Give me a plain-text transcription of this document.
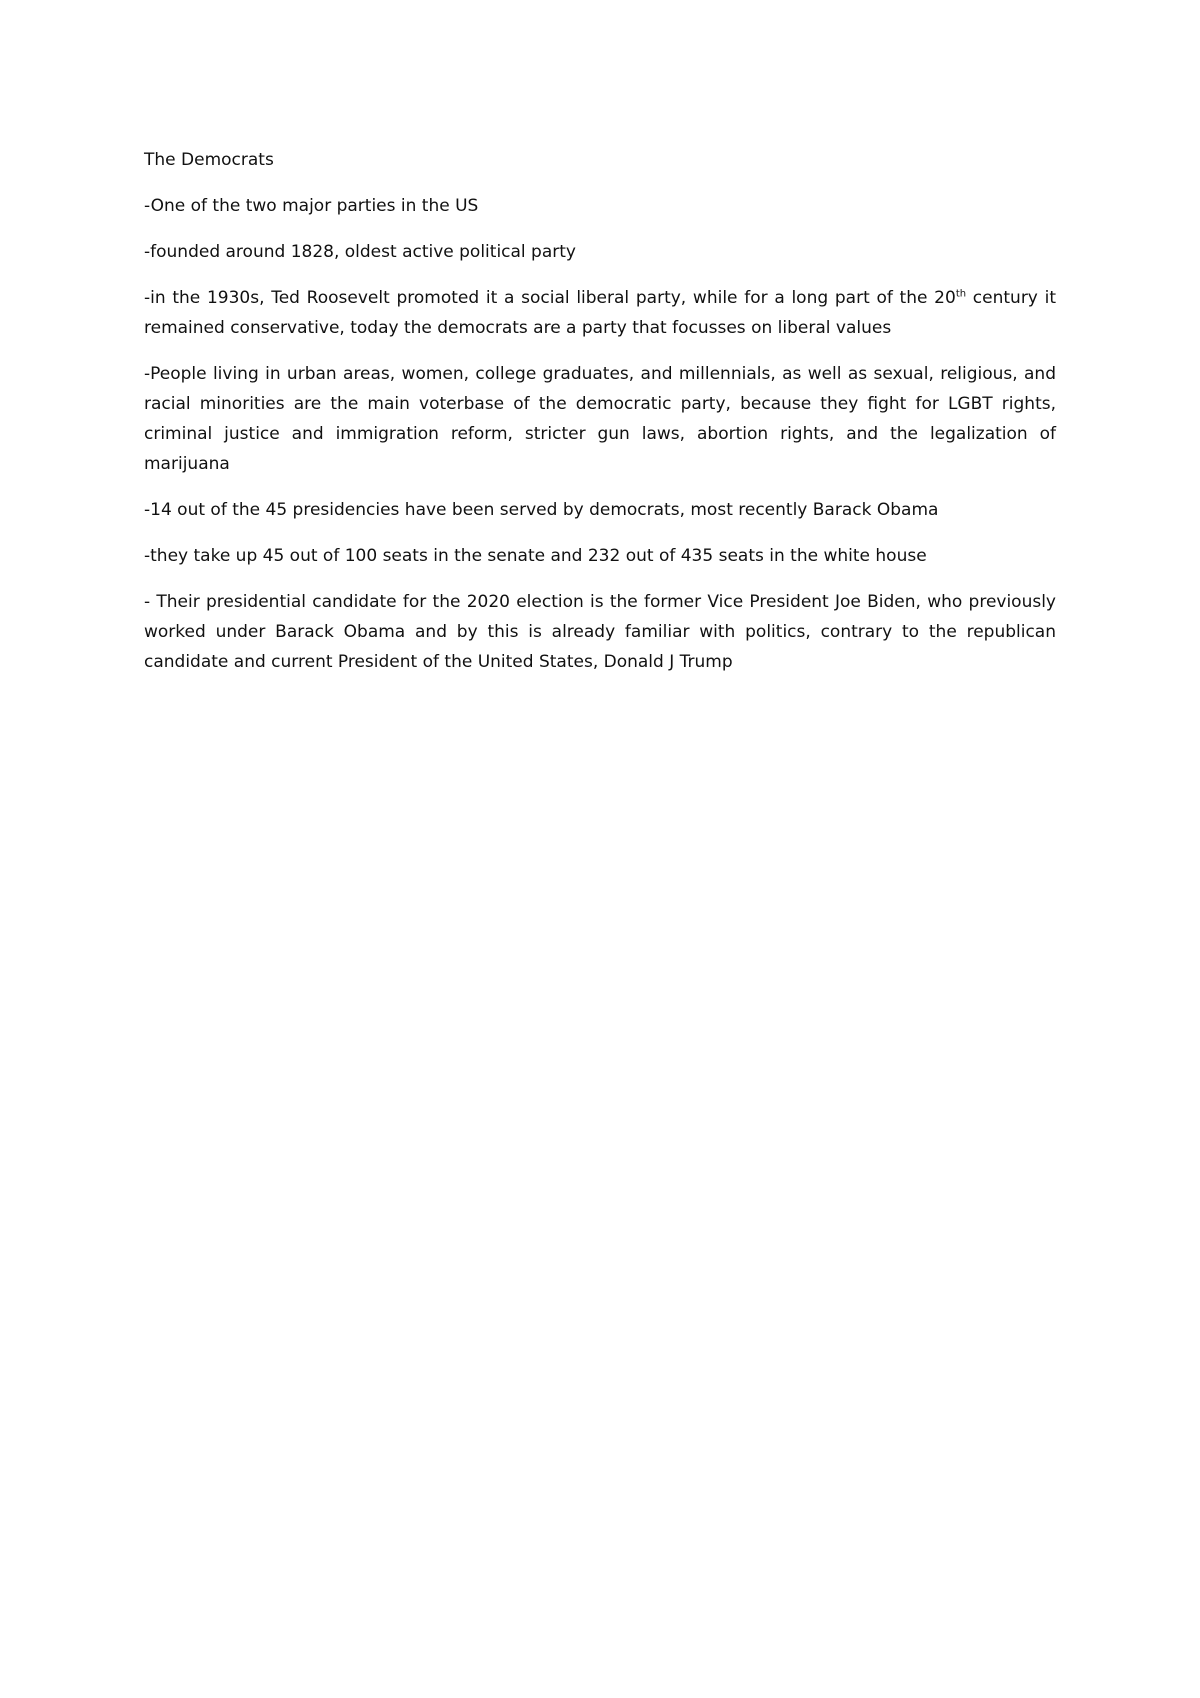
The Democrats

-One of the two major parties in the US

-founded around 1828, oldest active political party

-in the 1930s, Ted Roosevelt promoted it a social liberal party, while for a long part of the 20th century it remained conservative, today the democrats are a party that focusses on liberal values

-People living in urban areas, women, college graduates, and millennials, as well as sexual, religious, and racial minorities are the main voterbase of the democratic party, because they fight for LGBT rights, criminal justice and immigration reform, stricter gun laws, abortion rights, and the legalization of marijuana

-14 out of the 45 presidencies have been served by democrats, most recently Barack Obama

-they take up 45 out of 100 seats in the senate and 232 out of 435 seats in the white house

- Their presidential candidate for the 2020 election is the former Vice President Joe Biden, who previously worked under Barack Obama and by this is already familiar with politics, contrary to the republican candidate and current President of the United States, Donald J Trump
